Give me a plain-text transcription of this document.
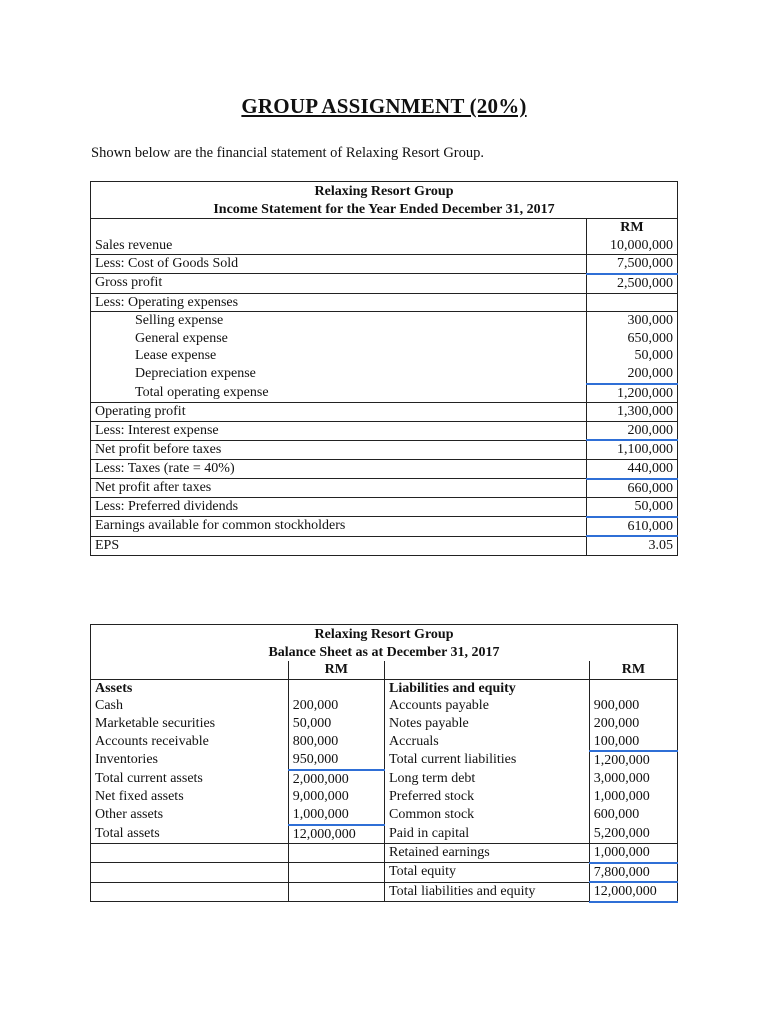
GROUP ASSIGNMENT (20%)
Shown below are the financial statement of Relaxing Resort Group.
Relaxing Resort Group
Income Statement for the Year Ended December 31, 2017	

	RM
Sales revenue	10,000,000
Less: Cost of Goods Sold	7,500,000
Gross profit	2,500,000
Less: Operating expenses	
Selling expense	300,000
General expense	650,000
Lease expense	50,000
Depreciation expense	200,000
Total operating expense	1,200,000
Operating profit	1,300,000
Less: Interest expense	200,000
Net profit before taxes	1,100,000
Less: Taxes (rate = 40%)	440,000
Net profit after taxes	660,000
Less: Preferred dividends	50,000
Earnings available for common stockholders	610,000
EPS	3.05
Relaxing Resort Group
Balance Sheet as at December 31, 2017			

	RM		RM
Assets		Liabilities and equity	
Cash	200,000	Accounts payable	900,000
Marketable securities	50,000	Notes payable	200,000
Accounts receivable	800,000	Accruals	100,000
Inventories	950,000	Total current liabilities	1,200,000
Total current assets	2,000,000	Long term debt	3,000,000
Net fixed assets	9,000,000	Preferred stock	1,000,000
Other assets	1,000,000	Common stock	600,000
Total assets	12,000,000	Paid in capital	5,200,000
		Retained earnings	1,000,000
		Total equity	7,800,000
		Total liabilities and equity	12,000,000
